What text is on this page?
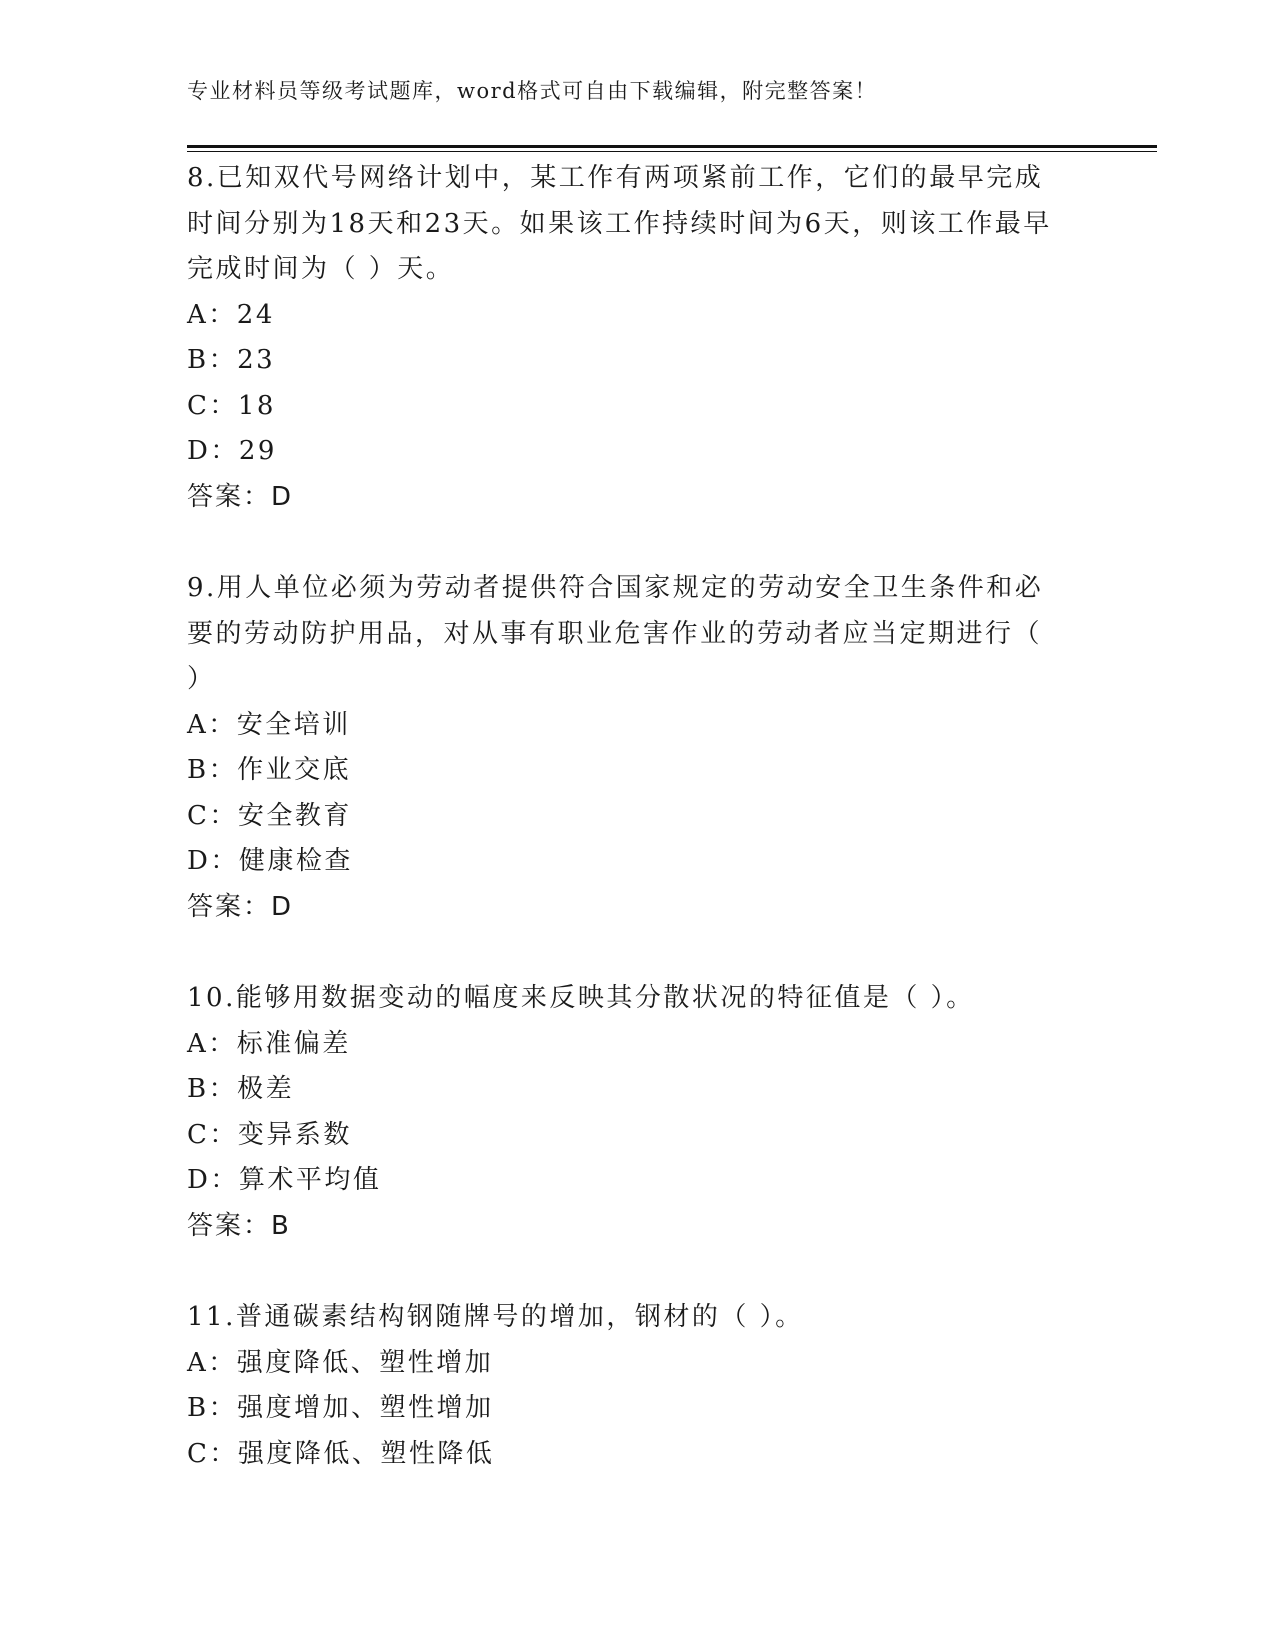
专业材料员等级考试题库，word格式可自由下载编辑，附完整答案！
8.已知双代号网络计划中，某工作有两项紧前工作，它们的最早完成时间分别为18天和23天。如果该工作持续时间为6天，则该工作最早完成时间为（ ）天。
A：24
B：23
C：18
D：29
答案：D
9.用人单位必须为劳动者提供符合国家规定的劳动安全卫生条件和必要的劳动防护用品，对从事有职业危害作业的劳动者应当定期进行（ ）
A：安全培训
B：作业交底
C：安全教育
D：健康检查
答案：D
10.能够用数据变动的幅度来反映其分散状况的特征值是（ ）。
A：标准偏差
B：极差
C：变异系数
D：算术平均值
答案：B
11.普通碳素结构钢随牌号的增加，钢材的（ ）。
A：强度降低、塑性增加
B：强度增加、塑性增加
C：强度降低、塑性降低
